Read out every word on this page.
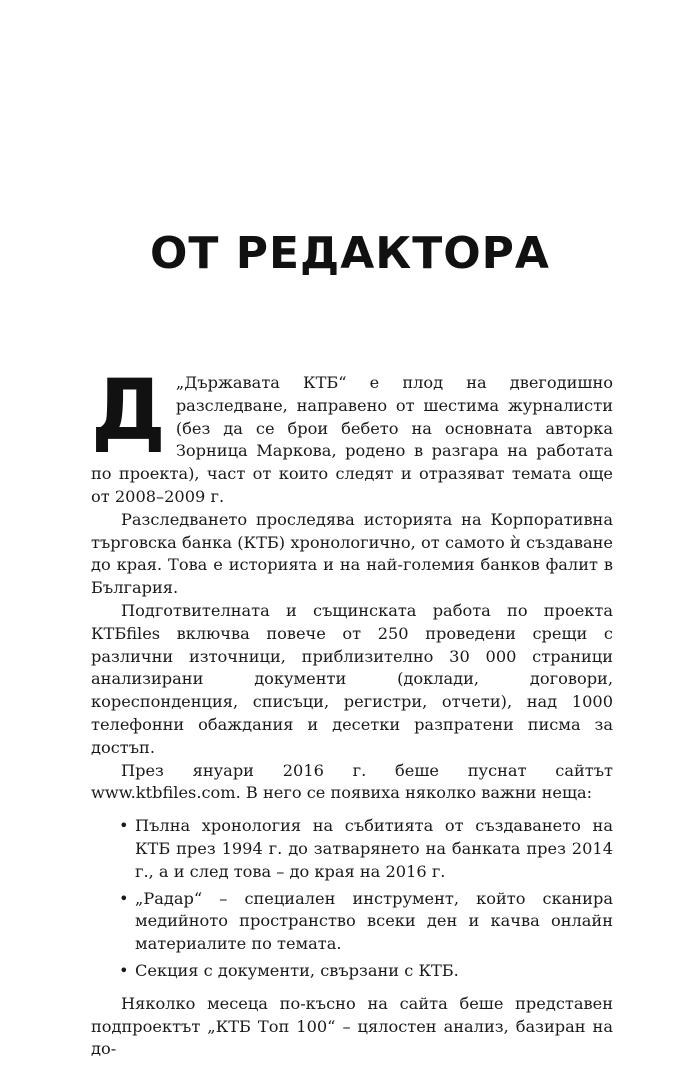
ОТ РЕДАКТОРА

Д „Държавата КТБ“ е плод на двегодишно разследване, направено от шестима журналисти (без да се брои бебето на основната авторка Зорница Маркова, родено в разгара на работата по проекта), част от които следят и отразяват темата още от 2008–2009 г.

Разследването проследява историята на Корпоративна търговска банка (КТБ) хронологично, от самото ѝ създаване до края. Това е историята и на най-големия банков фалит в България.

Подготвителната и същинската работа по проекта КТБfiles включва повече от 250 проведени срещи с различни източници, приблизително 30 000 страници анализирани документи (доклади, договори, кореспонденция, списъци, регистри, отчети), над 1000 телефонни обаждания и десетки разпратени писма за достъп.

През януари 2016 г. беше пуснат сайтът www.ktbfiles.com. В него се появиха няколко важни неща:

• Пълна хронология на събитията от създаването на КТБ през 1994 г. до затварянето на банката през 2014 г., а и след това – до края на 2016 г.
• „Радар“ – специален инструмент, който сканира медийното пространство всеки ден и качва онлайн материалите по темата.
• Секция с документи, свързани с КТБ.

Няколко месеца по-късно на сайта беше представен подпроектът „КТБ Топ 100“ – цялостен анализ, базиран на до-
